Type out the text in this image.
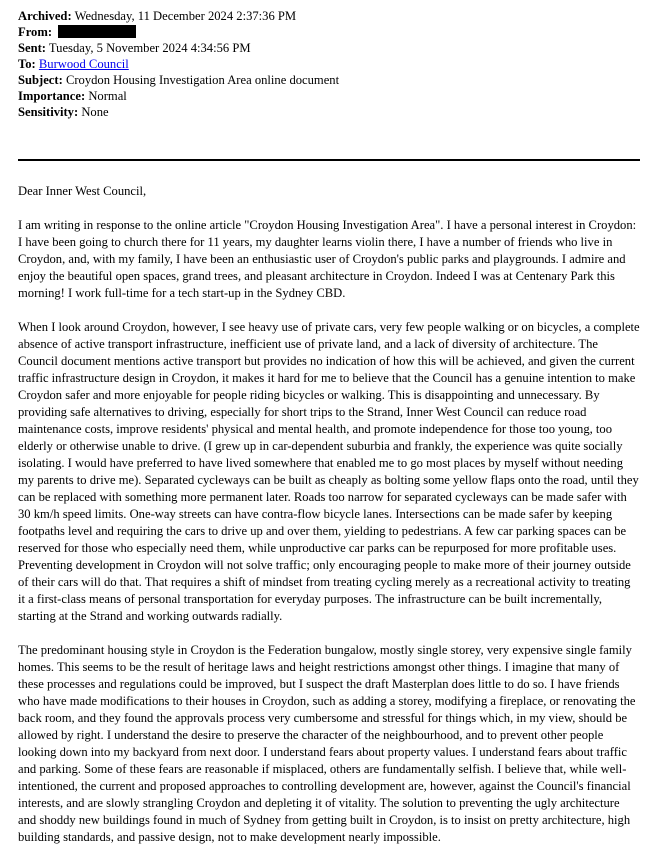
Archived: Wednesday, 11 December 2024 2:37:36 PM
From:
Sent: Tuesday, 5 November 2024 4:34:56 PM
To: Burwood Council
Subject: Croydon Housing Investigation Area online document
Importance: Normal
Sensitivity: None

Dear Inner West Council,

I am writing in response to the online article "Croydon Housing Investigation Area". I have a personal interest in Croydon: I have been going to church there for 11 years, my daughter learns violin there, I have a number of friends who live in Croydon, and, with my family, I have been an enthusiastic user of Croydon's public parks and playgrounds. I admire and enjoy the beautiful open spaces, grand trees, and pleasant architecture in Croydon. Indeed I was at Centenary Park this morning! I work full-time for a tech start-up in the Sydney CBD.

When I look around Croydon, however, I see heavy use of private cars, very few people walking or on bicycles, a complete absence of active transport infrastructure, inefficient use of private land, and a lack of diversity of architecture. The Council document mentions active transport but provides no indication of how this will be achieved, and given the current traffic infrastructure design in Croydon, it makes it hard for me to believe that the Council has a genuine intention to make Croydon safer and more enjoyable for people riding bicycles or walking. This is disappointing and unnecessary. By providing safe alternatives to driving, especially for short trips to the Strand, Inner West Council can reduce road maintenance costs, improve residents' physical and mental health, and promote independence for those too young, too elderly or otherwise unable to drive. (I grew up in car-dependent suburbia and frankly, the experience was quite socially isolating. I would have preferred to have lived somewhere that enabled me to go most places by myself without needing my parents to drive me). Separated cycleways can be built as cheaply as bolting some yellow flaps onto the road, until they can be replaced with something more permanent later. Roads too narrow for separated cycleways can be made safer with 30 km/h speed limits. One-way streets can have contra-flow bicycle lanes. Intersections can be made safer by keeping footpaths level and requiring the cars to drive up and over them, yielding to pedestrians. A few car parking spaces can be reserved for those who especially need them, while unproductive car parks can be repurposed for more profitable uses. Preventing development in Croydon will not solve traffic; only encouraging people to make more of their journey outside of their cars will do that. That requires a shift of mindset from treating cycling merely as a recreational activity to treating it a first-class means of personal transportation for everyday purposes. The infrastructure can be built incrementally, starting at the Strand and working outwards radially.

The predominant housing style in Croydon is the Federation bungalow, mostly single storey, very expensive single family homes. This seems to be the result of heritage laws and height restrictions amongst other things. I imagine that many of these processes and regulations could be improved, but I suspect the draft Masterplan does little to do so. I have friends who have made modifications to their houses in Croydon, such as adding a storey, modifying a fireplace, or renovating the back room, and they found the approvals process very cumbersome and stressful for things which, in my view, should be allowed by right. I understand the desire to preserve the character of the neighbourhood, and to prevent other people looking down into my backyard from next door. I understand fears about property values. I understand fears about traffic and parking. Some of these fears are reasonable if misplaced, others are fundamentally selfish. I believe that, while well-intentioned, the current and proposed approaches to controlling development are, however, against the Council's financial interests, and are slowly strangling Croydon and depleting it of vitality. The solution to preventing the ugly architecture and shoddy new buildings found in much of Sydney from getting built in Croydon, is to insist on pretty architecture, high building standards, and passive design, not to make development nearly impossible.
